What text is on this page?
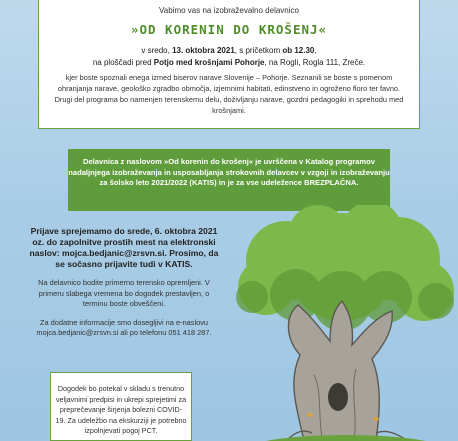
Vabimo vas na izobraževalno delavnico
»OD KORENIN DO KROŠENJ«
v sredo, 13. oktobra 2021, s pričetkom ob 12.30,
na ploščadi pred Potjo med krošnjami Pohorje, na Rogli, Rogla 111, Zreče.
kjer boste spoznali enega izmed biserov narave Slovenije – Pohorje. Seznanili se boste s pomenom ohranjanja narave, geološko zgradbo območja, izjemnimi habitati, edinstveno in ogroženo floro ter favno. Drugi del programa bo namenjen terenskemu delu, doživljanju narave, gozdni pedagogiki in sprehodu med krošnjami.
Delavnica z naslovom »Od korenin do krošenj« je uvrščena v Katalog programov nadaljnjega izobraževanja in usposabljanja strokovnih delavcev v vzgoji in izobraževanju za šolsko leto 2021/2022 (KATIS) in je za vse udeležence BREZPLAČNA.
Prijave sprejemamo do srede, 6. oktobra 2021 oz. do zapolnitve prostih mest na elektronski naslov: mojca.bedjanic@zrsvn.si. Prosimo, da se sočasno prijavite tudi v KATIS.
Na delavnico bodite primerno terensko opremljeni. V primeru slabega vremena bo dogodek prestavljen, o terminu boste obveščeni.
Za dodatne informacije smo dosegljivi na e-naslovu mojca.bedjanic@zrsvn.si ali po telefonu 051 418 287.
Dogodek bo potekal v skladu s trenutno veljavnimi predpisi in ukrepi sprejetimi za preprečevanje širjenja bolezni COVID-19. Za udeležbo na ekskurziji je potrebno izpolnjevati pogoj PCT.
